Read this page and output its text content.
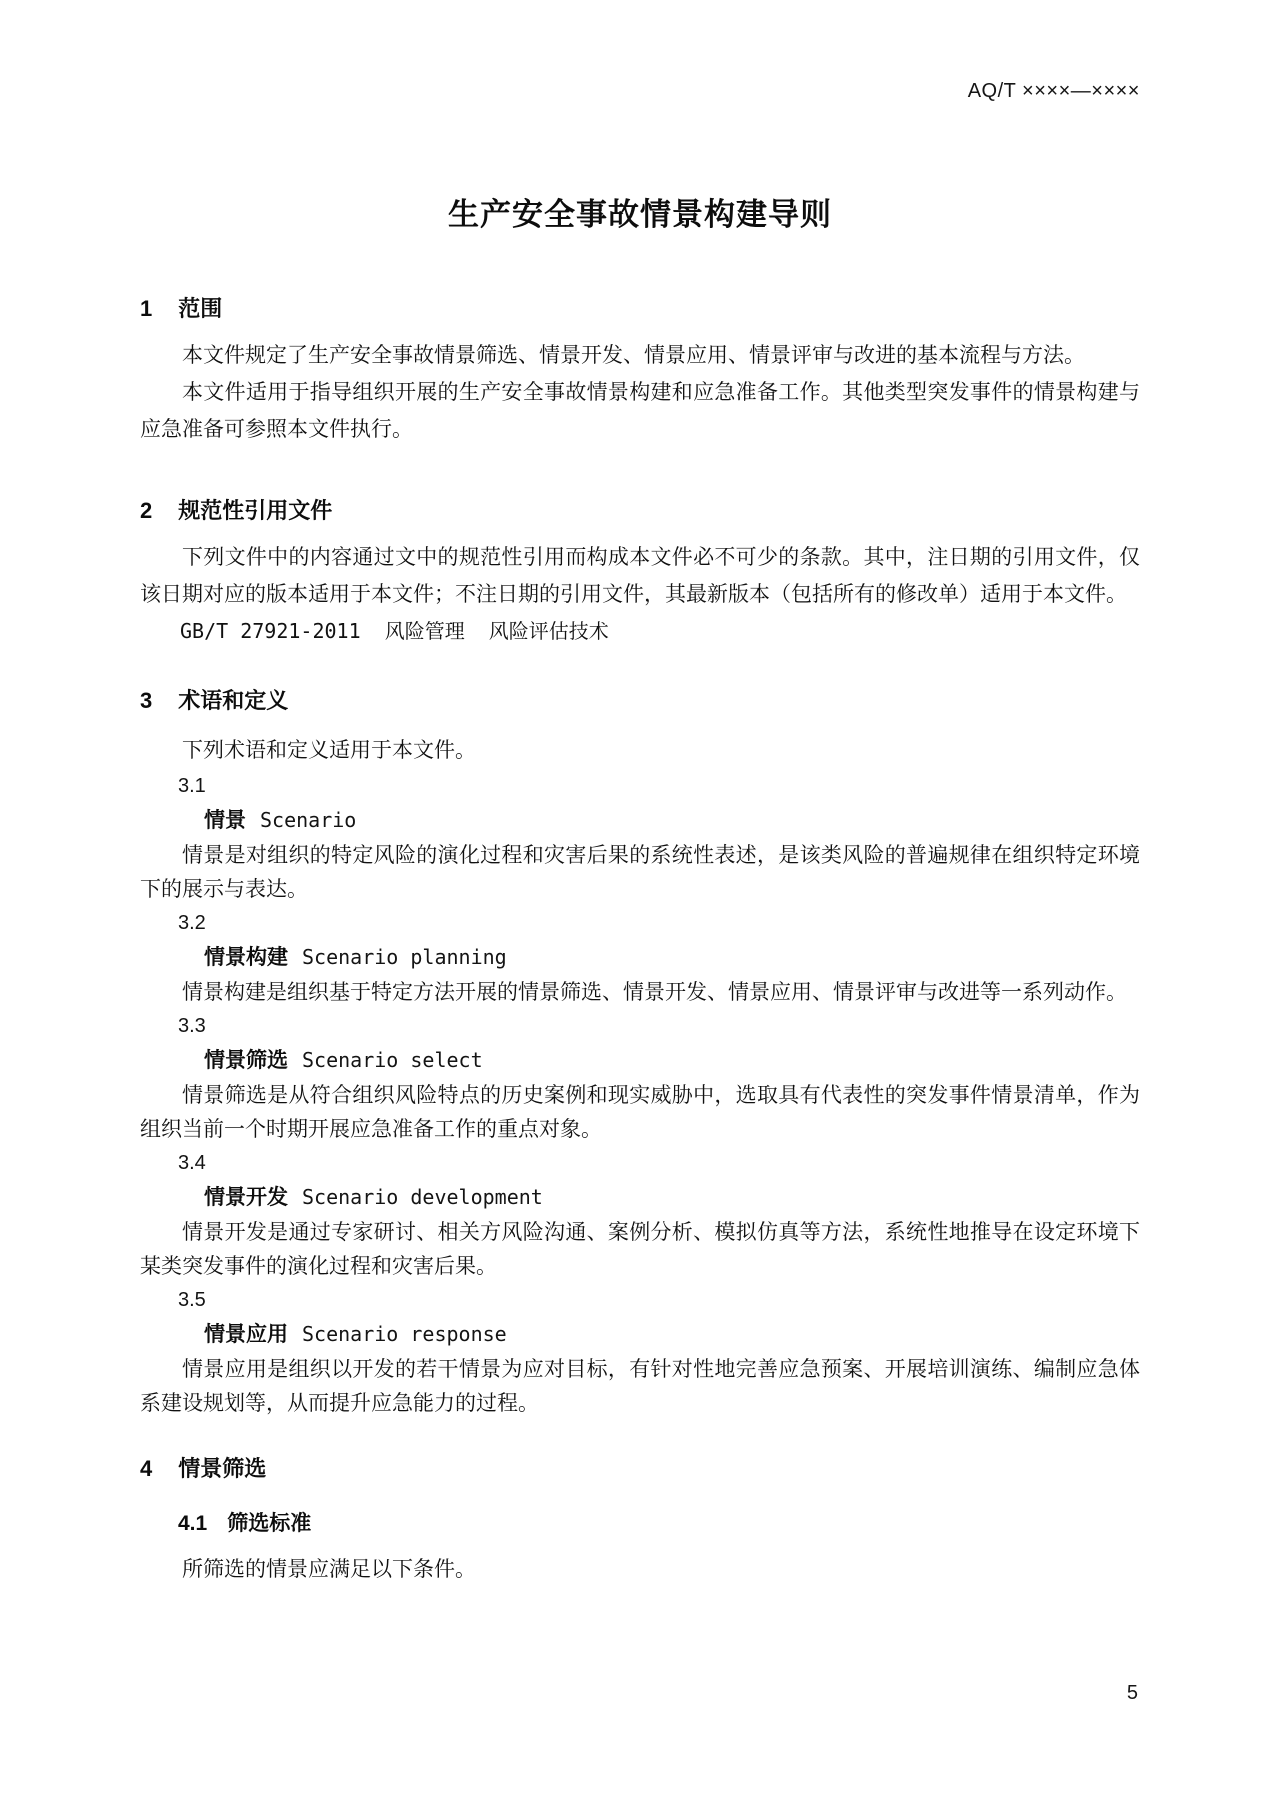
AQ/T ××××—××××
生产安全事故情景构建导则
1 范围

本文件规定了生产安全事故情景筛选、情景开发、情景应用、情景评审与改进的基本流程与方法。

本文件适用于指导组织开展的生产安全事故情景构建和应急准备工作。其他类型突发事件的情景构建与应急准备可参照本文件执行。

2 规范性引用文件

下列文件中的内容通过文中的规范性引用而构成本文件必不可少的条款。其中，注日期的引用文件，仅该日期对应的版本适用于本文件；不注日期的引用文件，其最新版本（包括所有的修改单）适用于本文件。

GB/T 27921-2011  风险管理  风险评估技术

3 术语和定义

下列术语和定义适用于本文件。

3.1
情景 Scenario

情景是对组织的特定风险的演化过程和灾害后果的系统性表述，是该类风险的普遍规律在组织特定环境下的展示与表达。

3.2
情景构建 Scenario planning

情景构建是组织基于特定方法开展的情景筛选、情景开发、情景应用、情景评审与改进等一系列动作。

3.3
情景筛选 Scenario select

情景筛选是从符合组织风险特点的历史案例和现实威胁中，选取具有代表性的突发事件情景清单，作为组织当前一个时期开展应急准备工作的重点对象。

3.4
情景开发 Scenario development

情景开发是通过专家研讨、相关方风险沟通、案例分析、模拟仿真等方法，系统性地推导在设定环境下某类突发事件的演化过程和灾害后果。

3.5
情景应用 Scenario response

情景应用是组织以开发的若干情景为应对目标，有针对性地完善应急预案、开展培训演练、编制应急体系建设规划等，从而提升应急能力的过程。

4 情景筛选
4.1 筛选标准

所筛选的情景应满足以下条件。

5
